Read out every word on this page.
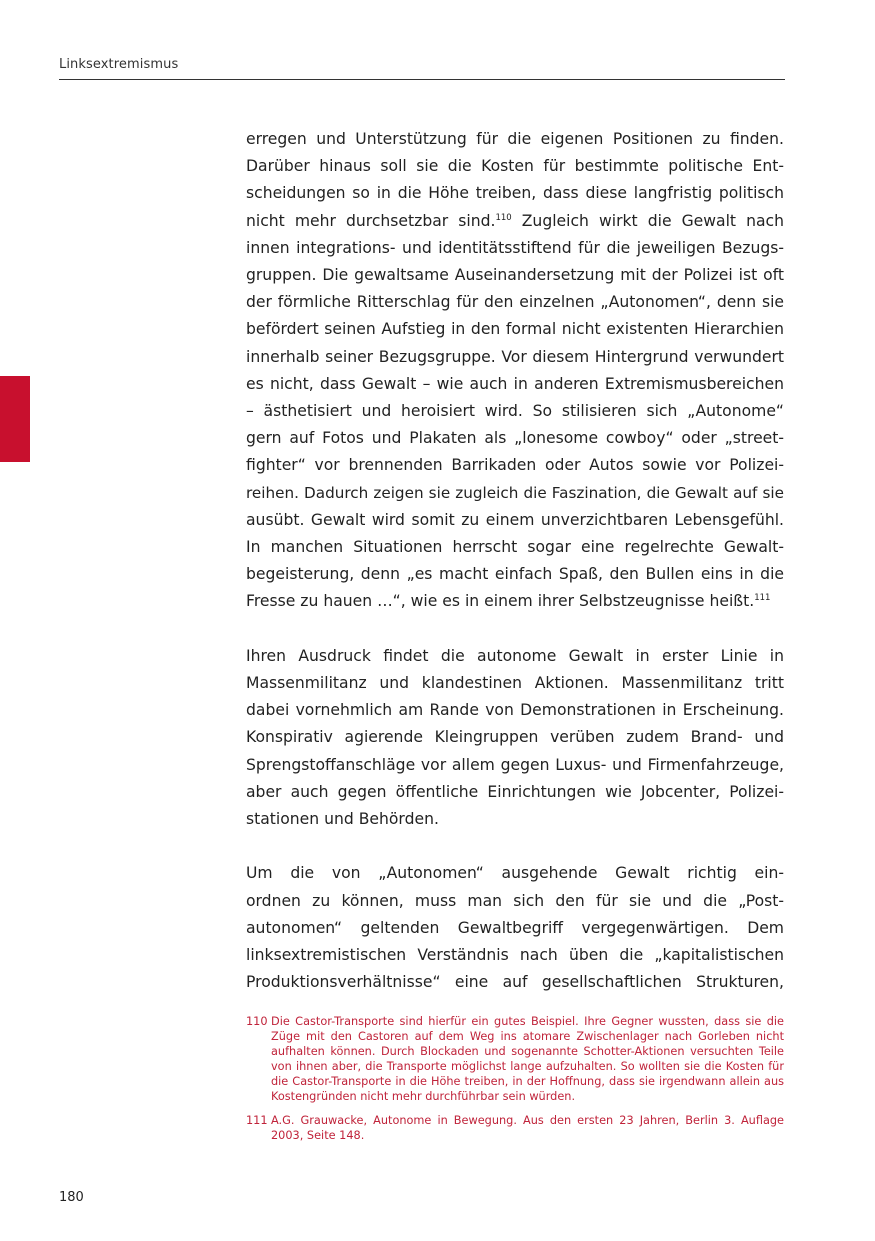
Linksextremismus

erregen und Unterstützung für die eigenen Positionen zu finden.
Darüber hinaus soll sie die Kosten für bestimmte politische Ent-
scheidungen so in die Höhe treiben, dass diese langfristig politisch
nicht mehr durchsetzbar sind.$^{110}$ Zugleich wirkt die Gewalt nach
innen integrations- und identitätsstiftend für die jeweiligen Bezugs-
gruppen. Die gewaltsame Auseinandersetzung mit der Polizei ist oft
der förmliche Ritterschlag für den einzelnen „Autonomen“, denn sie
befördert seinen Aufstieg in den formal nicht existenten Hierarchien
innerhalb seiner Bezugsgruppe. Vor diesem Hintergrund verwundert
es nicht, dass Gewalt – wie auch in anderen Extremismusbereichen
– ästhetisiert und heroisiert wird. So stilisieren sich „Autonome“
gern auf Fotos und Plakaten als „lonesome cowboy“ oder „street-
fighter“ vor brennenden Barrikaden oder Autos sowie vor Polizei-
reihen. Dadurch zeigen sie zugleich die Faszination, die Gewalt auf sie
ausübt. Gewalt wird somit zu einem unverzichtbaren Lebensgefühl.
In manchen Situationen herrscht sogar eine regelrechte Gewalt-
begeisterung, denn „es macht einfach Spaß, den Bullen eins in die
Fresse zu hauen …“, wie es in einem ihrer Selbstzeugnisse heißt.$^{111}$

Ihren Ausdruck findet die autonome Gewalt in erster Linie in
Massenmilitanz und klandestinen Aktionen. Massenmilitanz tritt
dabei vornehmlich am Rande von Demonstrationen in Erscheinung.
Konspirativ agierende Kleingruppen verüben zudem Brand- und
Sprengstoffanschläge vor allem gegen Luxus- und Firmenfahrzeuge,
aber auch gegen öffentliche Einrichtungen wie Jobcenter, Polizei-
stationen und Behörden.

Um die von „Autonomen“ ausgehende Gewalt richtig ein-
ordnen zu können, muss man sich den für sie und die „Post-
autonomen“ geltenden Gewaltbegriff vergegenwärtigen. Dem
linksextremistischen Verständnis nach üben die „kapitalistischen
Produktionsverhältnisse“ eine auf gesellschaftlichen Strukturen,

110 Die Castor-Transporte sind hierfür ein gutes Beispiel. Ihre Gegner wussten, dass sie die
Züge mit den Castoren auf dem Weg ins atomare Zwischenlager nach Gorleben nicht
aufhalten können. Durch Blockaden und sogenannte Schotter-Aktionen versuchten Teile
von ihnen aber, die Transporte möglichst lange aufzuhalten. So wollten sie die Kosten für
die Castor-Transporte in die Höhe treiben, in der Hoffnung, dass sie irgendwann allein aus
Kostengründen nicht mehr durchführbar sein würden.
111 A.G. Grauwacke, Autonome in Bewegung. Aus den ersten 23 Jahren, Berlin 3. Auflage
2003, Seite 148.
180
